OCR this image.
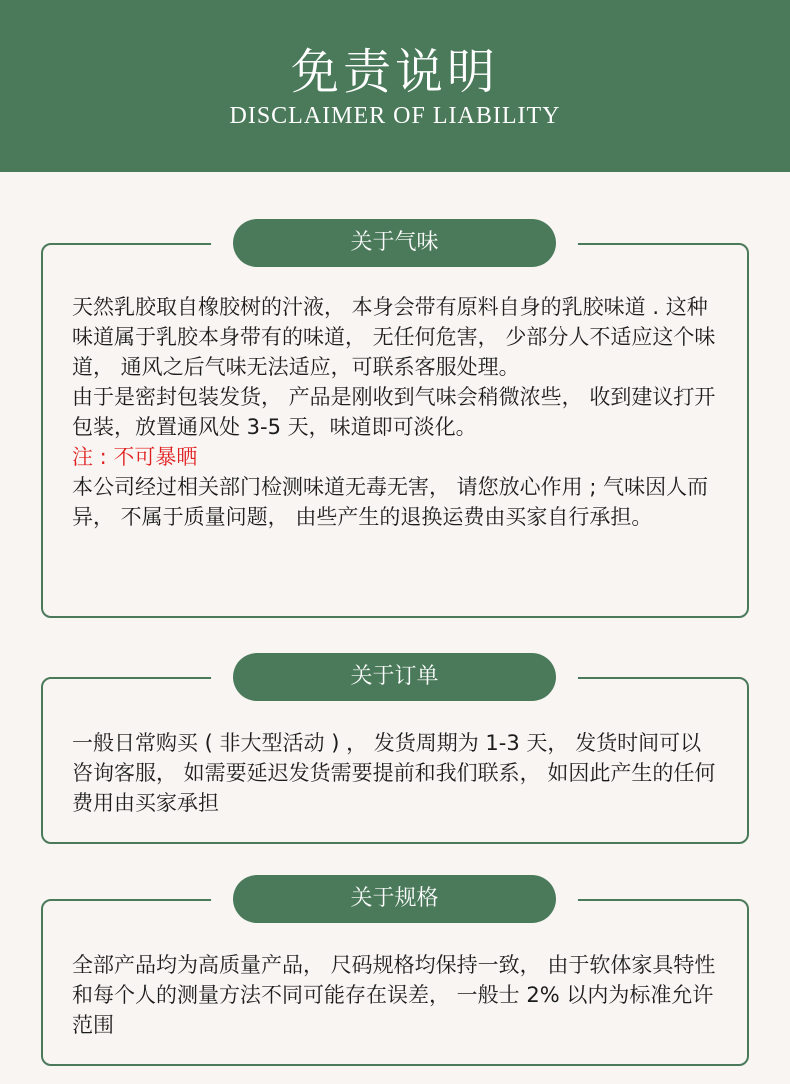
免责说明
DISCLAIMER OF LIABILITY
关于气味

天然乳胶取自橡胶树的汁液， 本身会带有原料自身的乳胶味道 . 这种味道属于乳胶本身带有的味道， 无任何危害， 少部分人不适应这个味道， 通风之后气味无法适应，可联系客服处理。

由于是密封包装发货， 产品是刚收到气味会稍微浓些， 收到建议打开包装，放置通风处 3-5 天，味道即可淡化。

注 : 不可暴晒

本公司经过相关部门检测味道无毒无害， 请您放心作用 ; 气味因人而异， 不属于质量问题， 由些产生的退换运费由买家自行承担。

关于订单

一般日常购买 ( 非大型活动 ) ， 发货周期为 1-3 天， 发货时间可以咨询客服， 如需要延迟发货需要提前和我们联系， 如因此产生的任何费用由买家承担

关于规格

全部产品均为高质量产品， 尺码规格均保持一致， 由于软体家具特性和每个人的测量方法不同可能存在误差， 一般士 2% 以内为标准允许范围
